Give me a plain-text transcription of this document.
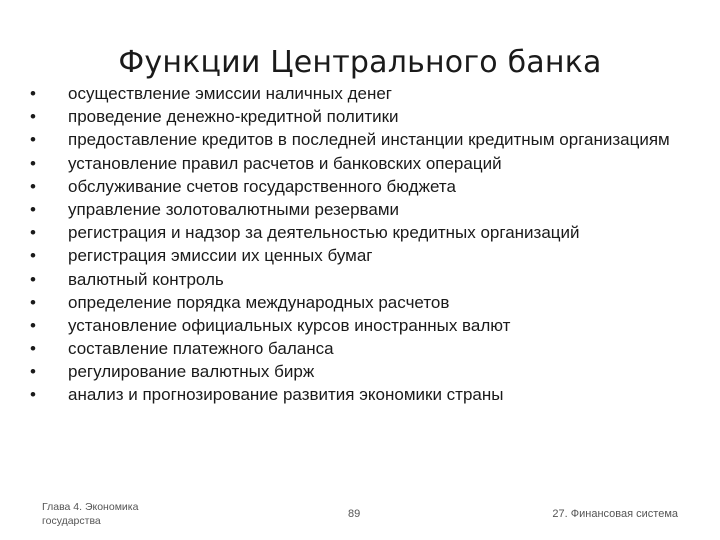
Функции Центрального банка
• осуществление эмиссии наличных денег
• проведение денежно-кредитной политики
• предоставление кредитов в последней инстанции кредитным организациям
• установление правил расчетов и банковских операций
• обслуживание счетов государственного бюджета
• управление золотовалютными резервами
• регистрация и надзор за деятельностью кредитных организаций
• регистрация эмиссии их ценных бумаг
• валютный контроль
• определение порядка международных расчетов
• установление официальных курсов иностранных валют
• составление платежного баланса
• регулирование валютных бирж
• анализ и прогнозирование развития экономики страны
Глава 4. Экономика государства
89	27. Финансовая система
